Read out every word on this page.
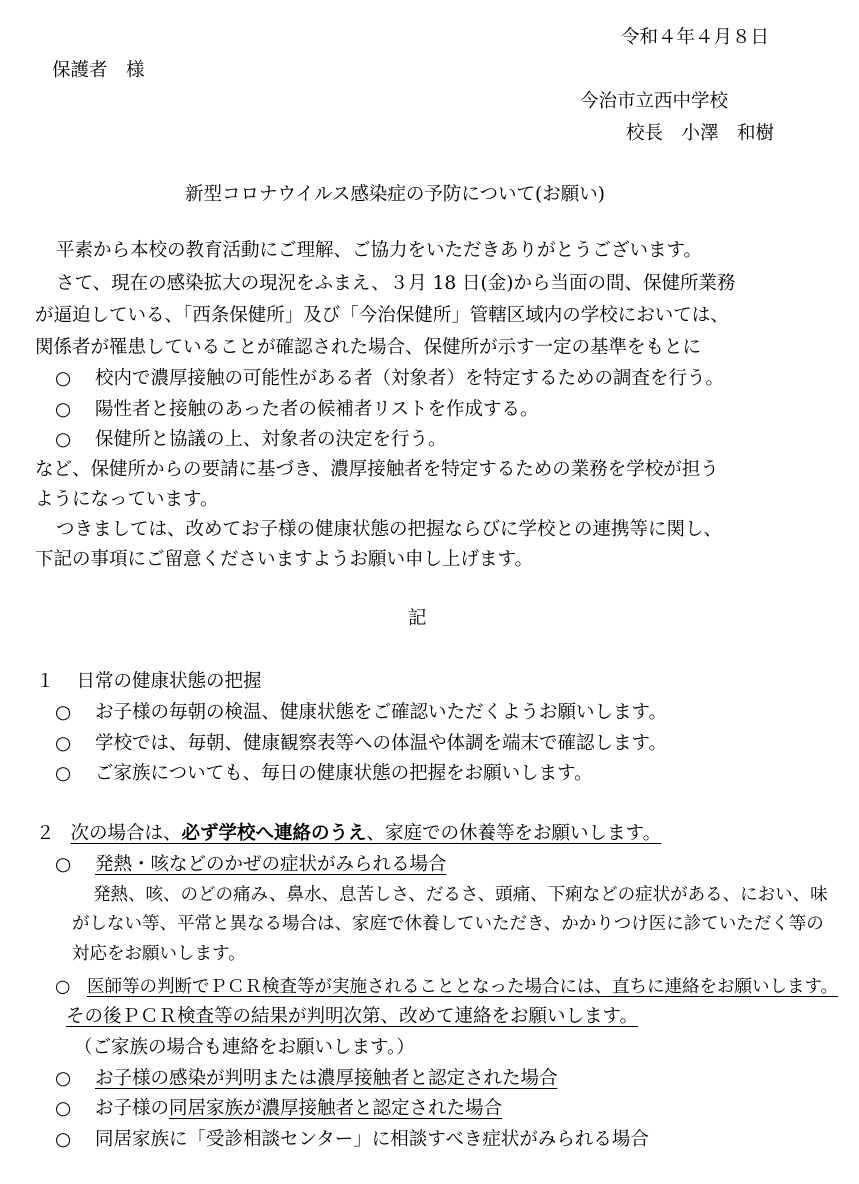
令和４年４月８日
保護者　様
今治市立西中学校
校長　小澤　和樹
新型コロナウイルス感染症の予防について(お願い)
平素から本校の教育活動にご理解、ご協力をいただきありがとうございます。
さて、現在の感染拡大の現況をふまえ、３月 18 日(金)から当面の間、保健所業務
が逼迫している、「西条保健所」及び「今治保健所」管轄区域内の学校においては、
関係者が罹患していることが確認された場合、保健所が示す一定の基準をもとに
○ 校内で濃厚接触の可能性がある者（対象者）を特定するための調査を行う。
○ 陽性者と接触のあった者の候補者リストを作成する。
○ 保健所と協議の上、対象者の決定を行う。
など、保健所からの要請に基づき、濃厚接触者を特定するための業務を学校が担う
ようになっています。
つきましては、改めてお子様の健康状態の把握ならびに学校との連携等に関し、
下記の事項にご留意くださいますようお願い申し上げます。
記
１ 日常の健康状態の把握
○ お子様の毎朝の検温、健康状態をご確認いただくようお願いします。
○ 学校では、毎朝、健康観察表等への体温や体調を端末で確認します。
○ ご家族についても、毎日の健康状態の把握をお願いします。
２ 次の場合は、必ず学校へ連絡のうえ、家庭での休養等をお願いします。
○ 発熱・咳などのかぜの症状がみられる場合
発熱、咳、のどの痛み、鼻水、息苦しさ、だるさ、頭痛、下痢などの症状がある、におい、味
がしない等、平常と異なる場合は、家庭で休養していただき、かかりつけ医に診ていただく等の
対応をお願いします。
○ 医師等の判断でＰＣＲ検査等が実施されることとなった場合には、直ちに連絡をお願いします。
その後ＰＣＲ検査等の結果が判明次第、改めて連絡をお願いします。
（ご家族の場合も連絡をお願いします。）
○ お子様の感染が判明または濃厚接触者と認定された場合
○ お子様の同居家族が濃厚接触者と認定された場合
○ 同居家族に「受診相談センター」に相談すべき症状がみられる場合
